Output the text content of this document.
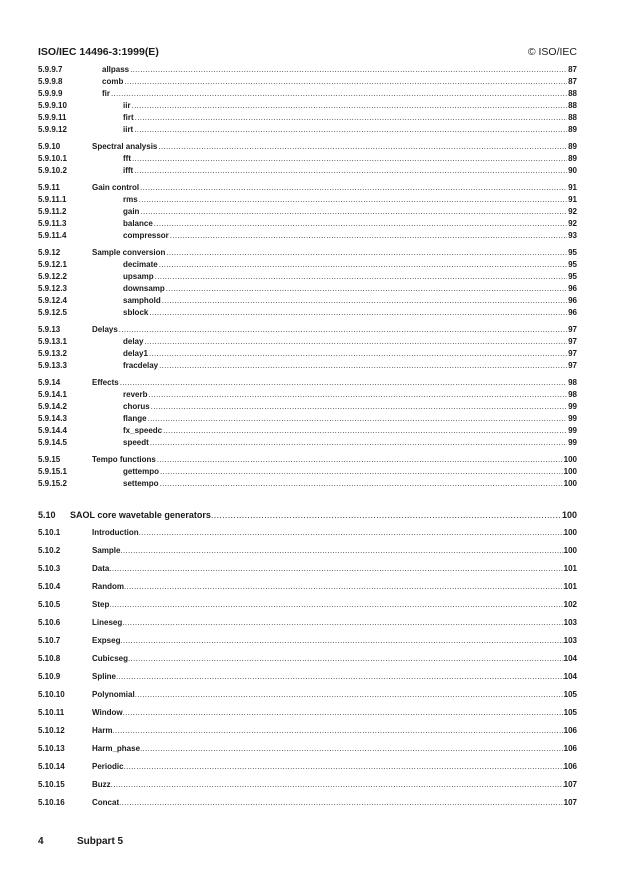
ISO/IEC 14496-3:1999(E)	© ISO/IEC
5.9.9.7	allpass .....	87
5.9.9.8	comb .....	87
5.9.9.9	fir .....	88
5.9.9.10	iir .....	88
5.9.9.11	firt .....	88
5.9.9.12	iirt .....	89
5.9.10	Spectral analysis .....	89
5.9.10.1	fft .....	89
5.9.10.2	ifft .....	90
5.9.11	Gain control .....	91
5.9.11.1	rms .....	91
5.9.11.2	gain .....	92
5.9.11.3	balance .....	92
5.9.11.4	compressor .....	93
5.9.12	Sample conversion .....	95
5.9.12.1	decimate .....	95
5.9.12.2	upsamp .....	95
5.9.12.3	downsamp .....	96
5.9.12.4	samphold .....	96
5.9.12.5	sblock .....	96
5.9.13	Delays .....	97
5.9.13.1	delay .....	97
5.9.13.2	delay1 .....	97
5.9.13.3	fracdelay .....	97
5.9.14	Effects .....	98
5.9.14.1	reverb .....	98
5.9.14.2	chorus .....	99
5.9.14.3	flange .....	99
5.9.14.4	fx_speedc .....	99
5.9.14.5	speedt .....	99
5.9.15	Tempo functions .....	100
5.9.15.1	gettempo .....	100
5.9.15.2	settempo .....	100
5.10 SAOL core wavetable generators .....	100
5.10.1	Introduction .....	100
5.10.2	Sample .....	100
5.10.3	Data .....	101
5.10.4	Random .....	101
5.10.5	Step .....	102
5.10.6	Lineseg .....	103
5.10.7	Expseg .....	103
5.10.8	Cubicseg .....	104
5.10.9	Spline .....	104
5.10.10	Polynomial .....	105
5.10.11	Window .....	105
5.10.12	Harm .....	106
5.10.13	Harm_phase .....	106
5.10.14	Periodic .....	106
5.10.15	Buzz .....	107
5.10.16	Concat .....	107
4	Subpart 5
